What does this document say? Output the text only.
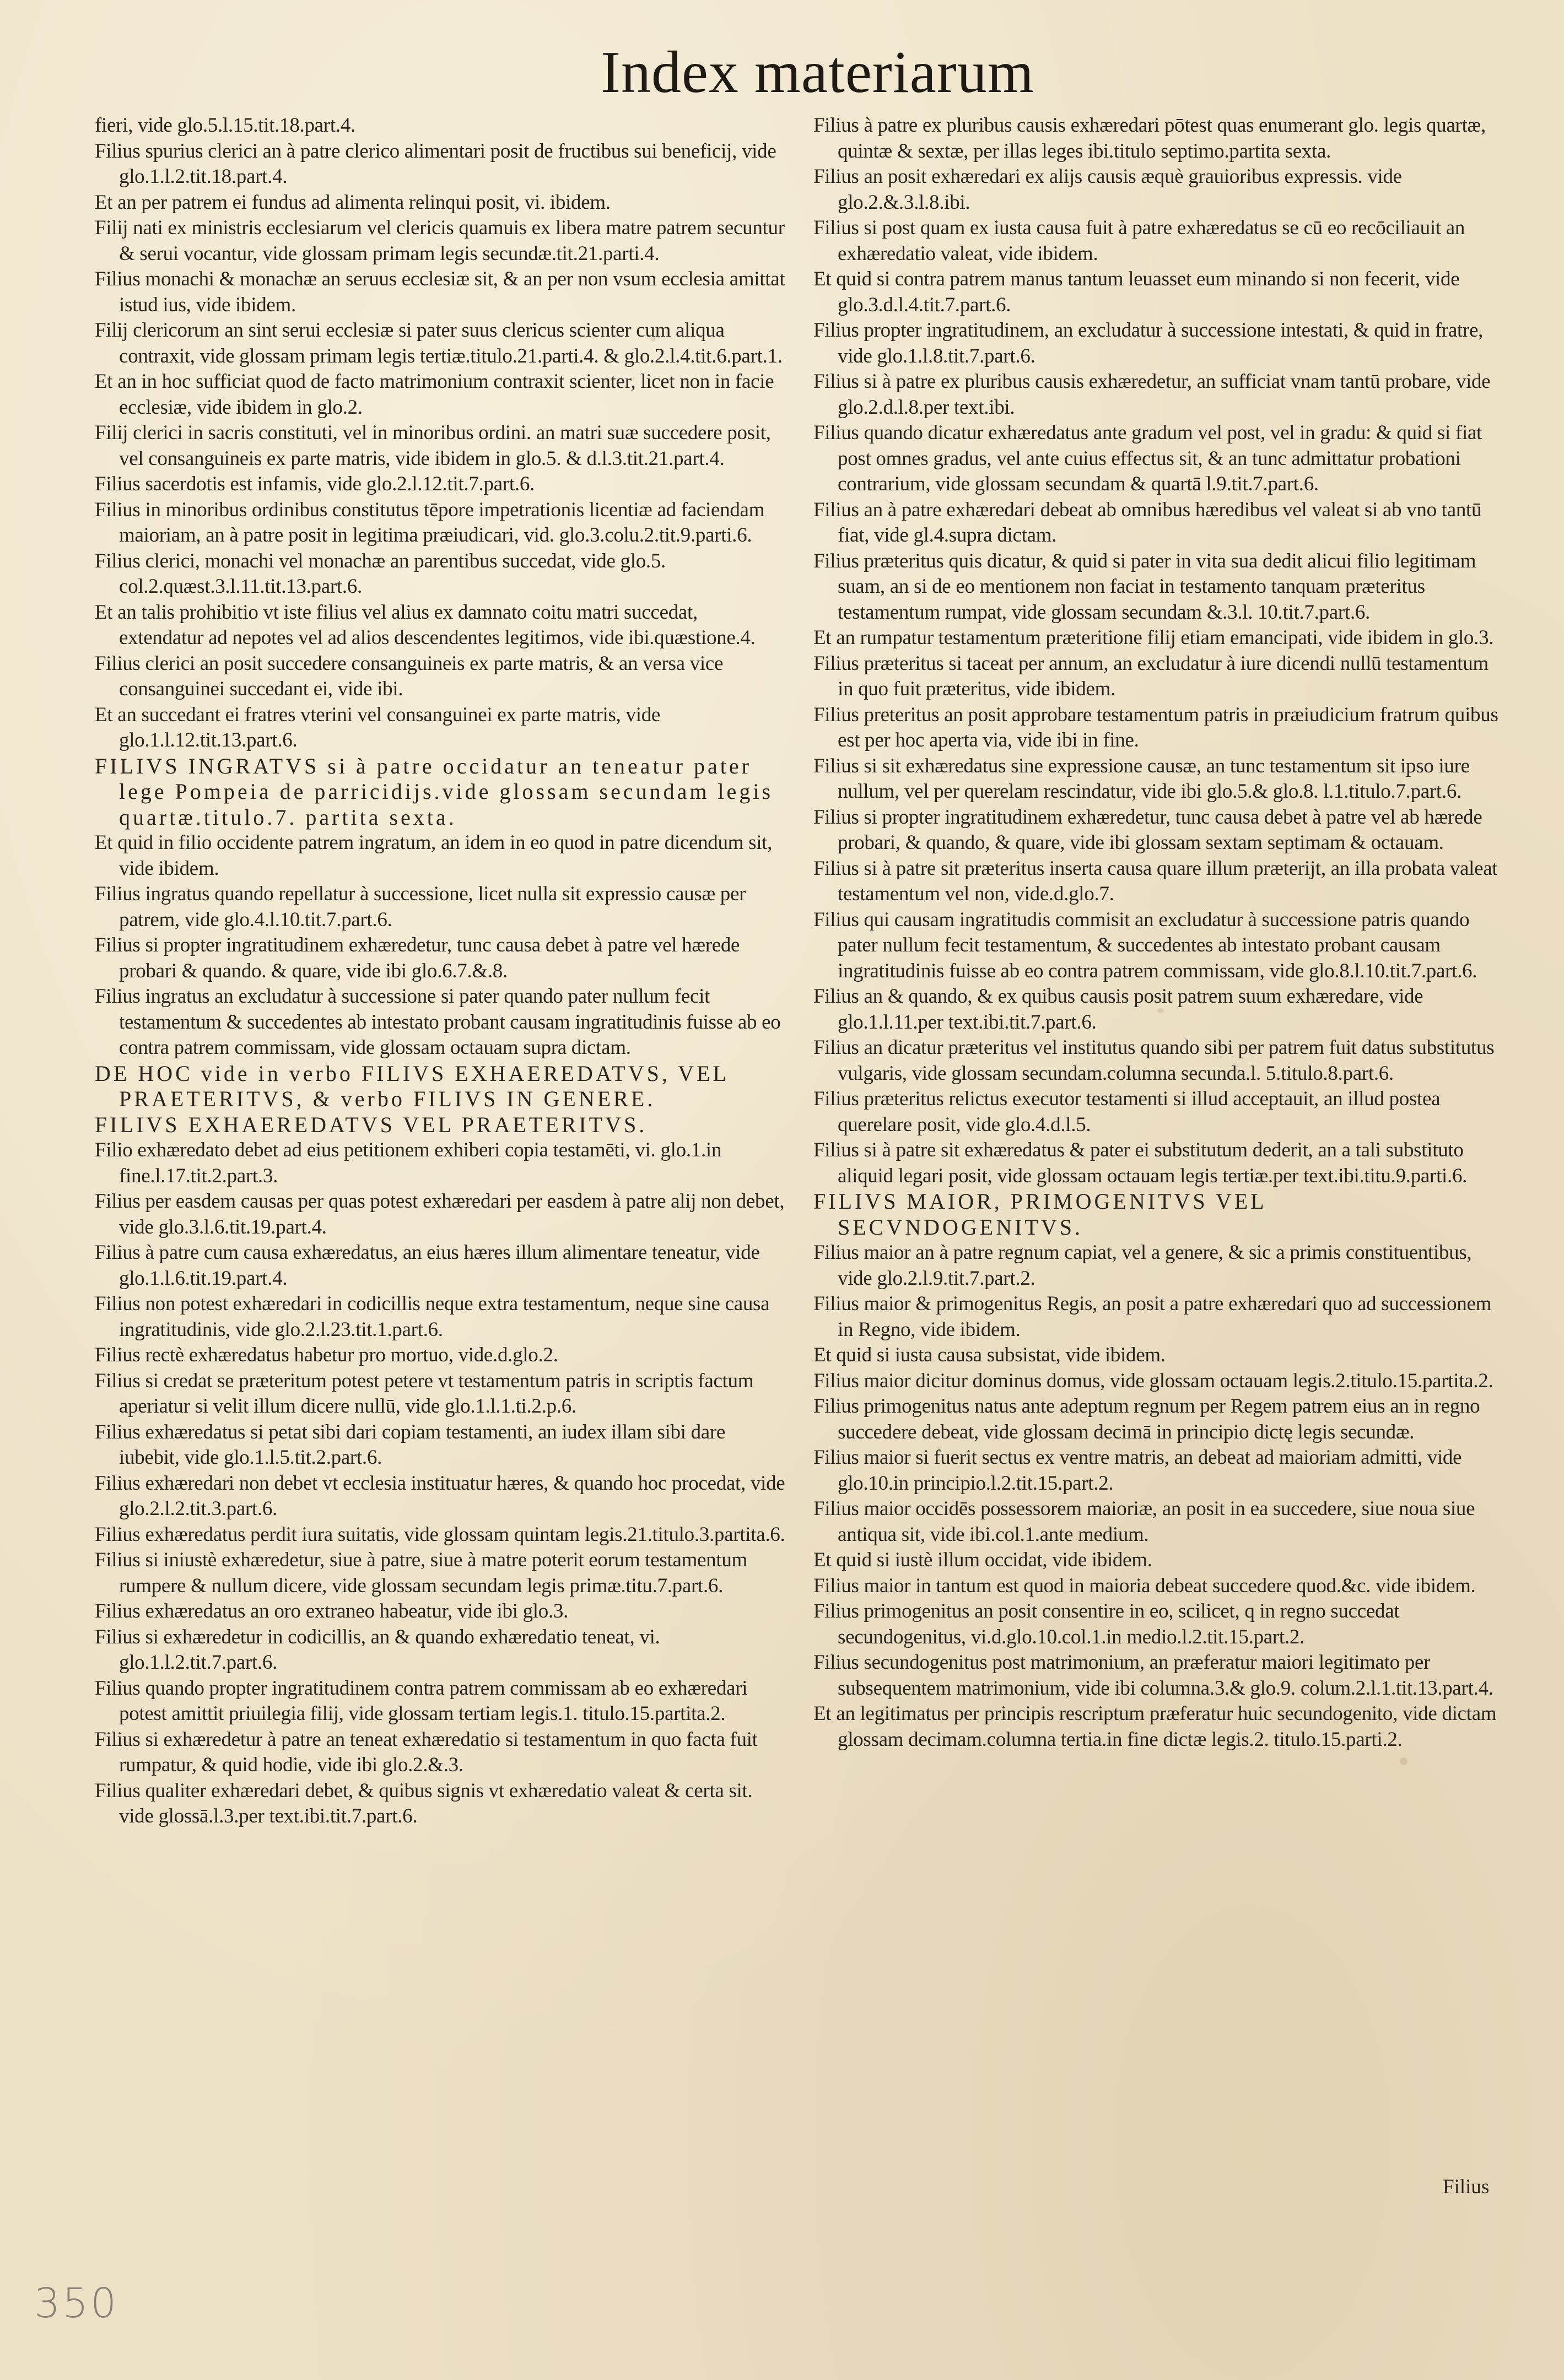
Index materiarum

fieri, vide glo.5.l.15.tit.18.part.4.

Filius spurius clerici an à patre clerico alimentari posit de fructibus sui beneficij, vide glo.1.l.2.tit.18.part.4.

Et an per patrem ei fundus ad alimenta relinqui posit, vi. ibidem.

Filij nati ex ministris ecclesiarum vel clericis quamuis ex libera matre patrem secuntur & serui vocantur, vide glossam primam legis secundæ.tit.21.parti.4.

Filius monachi & monachæ an seruus ecclesiæ sit, & an per non vsum ecclesia amittat istud ius, vide ibidem.

Filij clericorum an sint serui ecclesiæ si pater suus clericus scienter cum aliqua contraxit, vide glossam primam legis tertiæ.titulo.21.parti.4. & glo.2.l.4.tit.6.part.1.

Et an in hoc sufficiat quod de facto matrimonium contraxit scienter, licet non in facie ecclesiæ, vide ibidem in glo.2.

Filij clerici in sacris constituti, vel in minoribus ordini. an matri suæ succedere posit, vel consanguineis ex parte matris, vide ibidem in glo.5. & d.l.3.tit.21.part.4.

Filius sacerdotis est infamis, vide glo.2.l.12.tit.7.part.6.

Filius in minoribus ordinibus constitutus tēpore impetrationis licentiæ ad faciendam maioriam, an à patre posit in legitima præiudicari, vid. glo.3.colu.2.tit.9.parti.6.

Filius clerici, monachi vel monachæ an parentibus succedat, vide glo.5. col.2.quæst.3.l.11.tit.13.part.6.

Et an talis prohibitio vt iste filius vel alius ex damnato coitu matri succedat, extendatur ad nepotes vel ad alios descendentes legitimos, vide ibi.quæstione.4.

Filius clerici an posit succedere consanguineis ex parte matris, & an versa vice consanguinei succedant ei, vide ibi.

Et an succedant ei fratres vterini vel consanguinei ex parte matris, vide glo.1.l.12.tit.13.part.6.

FILIVS INGRATVS si à patre occidatur an teneatur pater lege Pompeia de parricidijs.vide glossam secundam legis quartæ.titulo.7. partita sexta.

Et quid in filio occidente patrem ingratum, an idem in eo quod in patre dicendum sit, vide ibidem.

Filius ingratus quando repellatur à successione, licet nulla sit expressio causæ per patrem, vide glo.4.l.10.tit.7.part.6.

Filius si propter ingratitudinem exhæredetur, tunc causa debet à patre vel hærede probari & quando. & quare, vide ibi glo.6.7.&.8.

Filius ingratus an excludatur à successione si pater quando pater nullum fecit testamentum & succedentes ab intestato probant causam ingratitudinis fuisse ab eo contra patrem commissam, vide glossam octauam supra dictam.

DE HOC vide in verbo FILIVS EXHAEREDATVS, VEL PRAETERITVS, & verbo FILIVS IN GENERE.

FILIVS EXHAEREDATVS VEL PRAETERITVS.

Filio exhæredato debet ad eius petitionem exhiberi copia testamēti, vi. glo.1.in fine.l.17.tit.2.part.3.

Filius per easdem causas per quas potest exhæredari per easdem à patre alij non debet, vide glo.3.l.6.tit.19.part.4.

Filius à patre cum causa exhæredatus, an eius hæres illum alimentare teneatur, vide glo.1.l.6.tit.19.part.4.

Filius non potest exhæredari in codicillis neque extra testamentum, neque sine causa ingratitudinis, vide glo.2.l.23.tit.1.part.6.

Filius rectè exhæredatus habetur pro mortuo, vide.d.glo.2.

Filius si credat se præteritum potest petere vt testamentum patris in scriptis factum aperiatur si velit illum dicere nullū, vide glo.1.l.1.ti.2.p.6.

Filius exhæredatus si petat sibi dari copiam testamenti, an iudex illam sibi dare iubebit, vide glo.1.l.5.tit.2.part.6.

Filius exhæredari non debet vt ecclesia instituatur hæres, & quando hoc procedat, vide glo.2.l.2.tit.3.part.6.

Filius exhæredatus perdit iura suitatis, vide glossam quintam legis.21.titulo.3.partita.6.

Filius si iniustè exhæredetur, siue à patre, siue à matre poterit eorum testamentum rumpere & nullum dicere, vide glossam secundam legis primæ.titu.7.part.6.

Filius exhæredatus an oro extraneo habeatur, vide ibi glo.3.

Filius si exhæredetur in codicillis, an & quando exhæredatio teneat, vi. glo.1.l.2.tit.7.part.6.

Filius quando propter ingratitudinem contra patrem commissam ab eo exhæredari potest amittit priuilegia filij, vide glossam tertiam legis.1. titulo.15.partita.2.

Filius si exhæredetur à patre an teneat exhæredatio si testamentum in quo facta fuit rumpatur, & quid hodie, vide ibi glo.2.&.3.

Filius qualiter exhæredari debet, & quibus signis vt exhæredatio valeat & certa sit. vide glossā.l.3.per text.ibi.tit.7.part.6.

Filius à patre ex pluribus causis exhæredari pōtest quas enumerant glo. legis quartæ, quintæ & sextæ, per illas leges ibi.titulo septimo.partita sexta.

Filius an posit exhæredari ex alijs causis æquè grauioribus expressis. vide glo.2.&.3.l.8.ibi.

Filius si post quam ex iusta causa fuit à patre exhæredatus se cū eo recōciliauit an exhæredatio valeat, vide ibidem.

Et quid si contra patrem manus tantum leuasset eum minando si non fecerit, vide glo.3.d.l.4.tit.7.part.6.

Filius propter ingratitudinem, an excludatur à successione intestati, & quid in fratre, vide glo.1.l.8.tit.7.part.6.

Filius si à patre ex pluribus causis exhæredetur, an sufficiat vnam tantū probare, vide glo.2.d.l.8.per text.ibi.

Filius quando dicatur exhæredatus ante gradum vel post, vel in gradu: & quid si fiat post omnes gradus, vel ante cuius effectus sit, & an tunc admittatur probationi contrarium, vide glossam secundam & quartā l.9.tit.7.part.6.

Filius an à patre exhæredari debeat ab omnibus hæredibus vel valeat si ab vno tantū fiat, vide gl.4.supra dictam.

Filius præteritus quis dicatur, & quid si pater in vita sua dedit alicui filio legitimam suam, an si de eo mentionem non faciat in testamento tanquam præteritus testamentum rumpat, vide glossam secundam &.3.l. 10.tit.7.part.6.

Et an rumpatur testamentum præteritione filij etiam emancipati, vide ibidem in glo.3.

Filius præteritus si taceat per annum, an excludatur à iure dicendi nullū testamentum in quo fuit præteritus, vide ibidem.

Filius preteritus an posit approbare testamentum patris in præiudicium fratrum quibus est per hoc aperta via, vide ibi in fine.

Filius si sit exhæredatus sine expressione causæ, an tunc testamentum sit ipso iure nullum, vel per querelam rescindatur, vide ibi glo.5.& glo.8. l.1.titulo.7.part.6.

Filius si propter ingratitudinem exhæredetur, tunc causa debet à patre vel ab hærede probari, & quando, & quare, vide ibi glossam sextam septimam & octauam.

Filius si à patre sit præteritus inserta causa quare illum præterijt, an illa probata valeat testamentum vel non, vide.d.glo.7.

Filius qui causam ingratitudis commisit an excludatur à successione patris quando pater nullum fecit testamentum, & succedentes ab intestato probant causam ingratitudinis fuisse ab eo contra patrem commissam, vide glo.8.l.10.tit.7.part.6.

Filius an & quando, & ex quibus causis posit patrem suum exhæredare, vide glo.1.l.11.per text.ibi.tit.7.part.6.

Filius an dicatur præteritus vel institutus quando sibi per patrem fuit datus substitutus vulgaris, vide glossam secundam.columna secunda.l. 5.titulo.8.part.6.

Filius præteritus relictus executor testamenti si illud acceptauit, an illud postea querelare posit, vide glo.4.d.l.5.

Filius si à patre sit exhæredatus & pater ei substitutum dederit, an a tali substituto aliquid legari posit, vide glossam octauam legis tertiæ.per text.ibi.titu.9.parti.6.

FILIVS MAIOR, PRIMOGENITVS VEL SECVNDOGENITVS.

Filius maior an à patre regnum capiat, vel a genere, & sic a primis constituentibus, vide glo.2.l.9.tit.7.part.2.

Filius maior & primogenitus Regis, an posit a patre exhæredari quo ad successionem in Regno, vide ibidem.

Et quid si iusta causa subsistat, vide ibidem.

Filius maior dicitur dominus domus, vide glossam octauam legis.2.titulo.15.partita.2.

Filius primogenitus natus ante adeptum regnum per Regem patrem eius an in regno succedere debeat, vide glossam decimā in principio dictę legis secundæ.

Filius maior si fuerit sectus ex ventre matris, an debeat ad maioriam admitti, vide glo.10.in principio.l.2.tit.15.part.2.

Filius maior occidēs possessorem maioriæ, an posit in ea succedere, siue noua siue antiqua sit, vide ibi.col.1.ante medium.

Et quid si iustè illum occidat, vide ibidem.

Filius maior in tantum est quod in maioria debeat succedere quod.&c. vide ibidem.

Filius primogenitus an posit consentire in eo, scilicet, q in regno succedat secundogenitus, vi.d.glo.10.col.1.in medio.l.2.tit.15.part.2.

Filius secundogenitus post matrimonium, an præferatur maiori legitimato per subsequentem matrimonium, vide ibi columna.3.& glo.9. colum.2.l.1.tit.13.part.4.

Et an legitimatus per principis rescriptum præferatur huic secundogenito, vide dictam glossam decimam.columna tertia.in fine dictæ legis.2. titulo.15.parti.2.

Filius
350
